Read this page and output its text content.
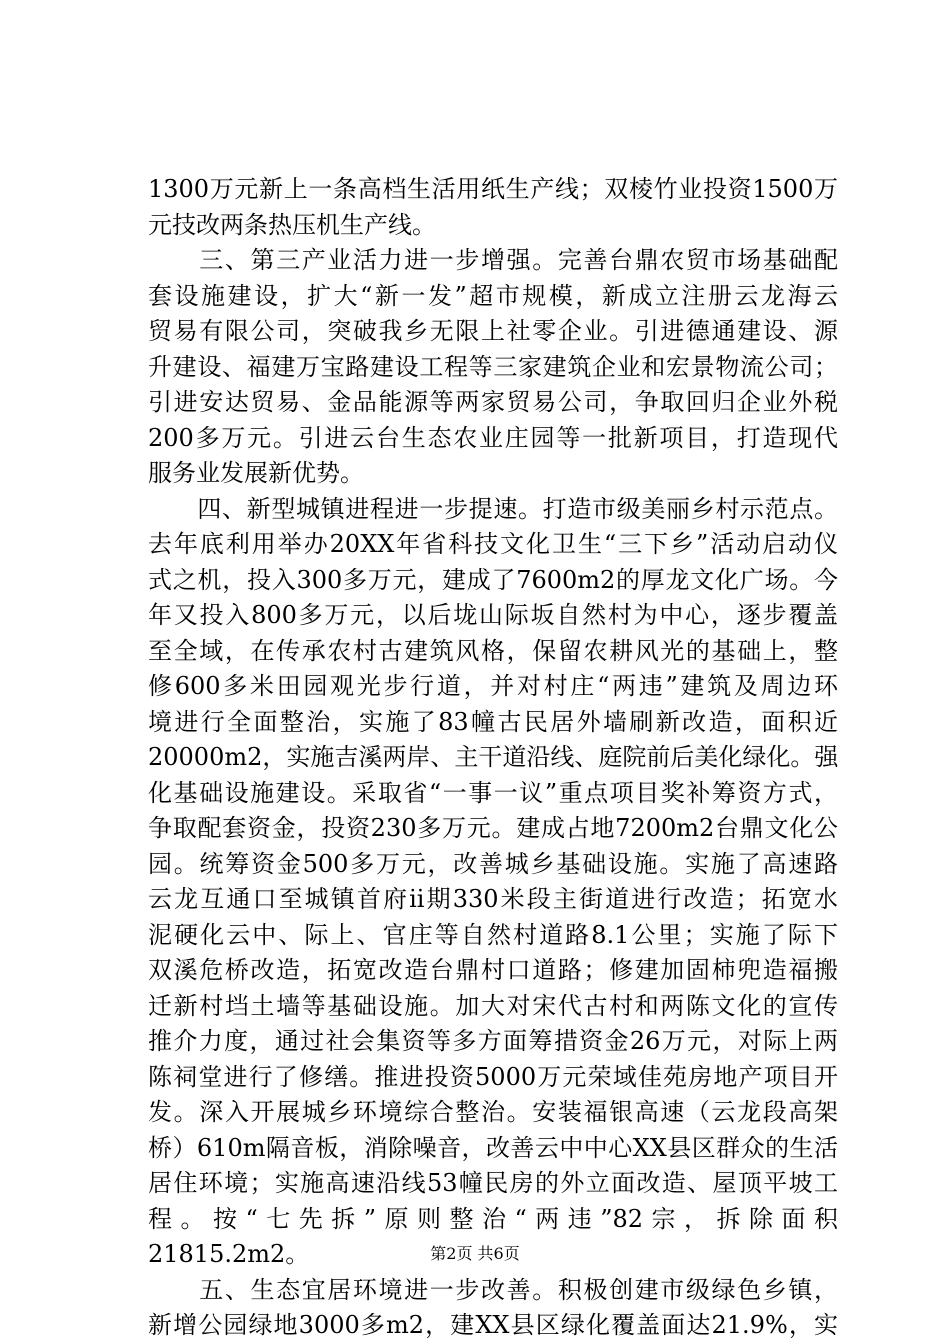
1300万元新上一条高档生活用纸生产线；双棱竹业投资1500万
元技改两条热压机生产线。
　　三、第三产业活力进一步增强。完善台鼎农贸市场基础配
套设施建设，扩大“新一发”超市规模，新成立注册云龙海云
贸易有限公司，突破我乡无限上社零企业。引进德通建设、源
升建设、福建万宝路建设工程等三家建筑企业和宏景物流公司；
引进安达贸易、金品能源等两家贸易公司，争取回归企业外税
200多万元。引进云台生态农业庄园等一批新项目，打造现代
服务业发展新优势。
　　四、新型城镇进程进一步提速。打造市级美丽乡村示范点。
去年底利用举办20XX年省科技文化卫生“三下乡”活动启动仪
式之机，投入300多万元，建成了7600m2的厚龙文化广场。今
年又投入800多万元，以后垅山际坂自然村为中心，逐步覆盖
至全域，在传承农村古建筑风格，保留农耕风光的基础上，整
修600多米田园观光步行道，并对村庄“两违”建筑及周边环
境进行全面整治，实施了83幢古民居外墙刷新改造，面积近
20000m2，实施吉溪两岸、主干道沿线、庭院前后美化绿化。强
化基础设施建设。采取省“一事一议”重点项目奖补筹资方式，
争取配套资金，投资230多万元。建成占地7200m2台鼎文化公
园。统筹资金500多万元，改善城乡基础设施。实施了高速路
云龙互通口至城镇首府ii期330米段主街道进行改造；拓宽水
泥硬化云中、际上、官庄等自然村道路8.1公里；实施了际下
双溪危桥改造，拓宽改造台鼎村口道路；修建加固柿兜造福搬
迁新村垱土墙等基础设施。加大对宋代古村和两陈文化的宣传
推介力度，通过社会集资等多方面筹措资金26万元，对际上两
陈祠堂进行了修缮。推进投资5000万元荣域佳苑房地产项目开
发。深入开展城乡环境综合整治。安装福银高速（云龙段高架
桥）610m隔音板，消除噪音，改善云中中心XX县区群众的生活
居住环境；实施高速沿线53幢民房的外立面改造、屋顶平坡工
程。按“七先拆”原则整治“两违”82宗，拆除面积
21815.2m2。
　　五、生态宜居环境进一步改善。积极创建市级绿色乡镇，
新增公园绿地3000多m2，建XX县区绿化覆盖面达21.9%，实
第2页 共6页
